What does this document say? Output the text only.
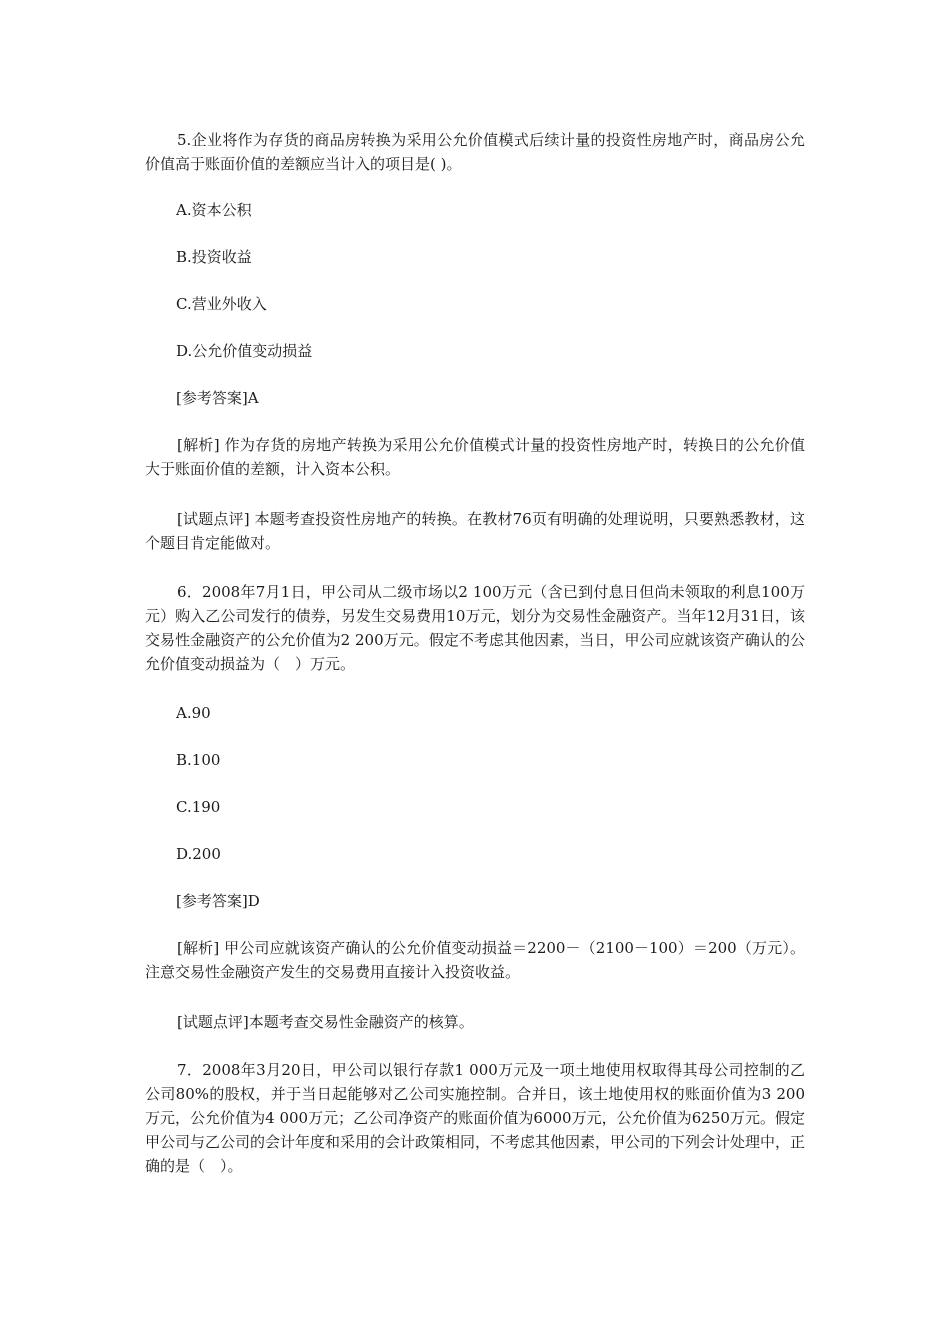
5.企业将作为存货的商品房转换为采用公允价值模式后续计量的投资性房地产时，商品房公允价值高于账面价值的差额应当计入的项目是( )。

A.资本公积

B.投资收益

C.营业外收入

D.公允价值变动损益

[参考答案]A

[解析] 作为存货的房地产转换为采用公允价值模式计量的投资性房地产时，转换日的公允价值大于账面价值的差额，计入资本公积。

[试题点评] 本题考查投资性房地产的转换。在教材76页有明确的处理说明，只要熟悉教材，这个题目肯定能做对。

6．2008年7月1日，甲公司从二级市场以2 100万元（含已到付息日但尚未领取的利息100万元）购入乙公司发行的债券，另发生交易费用10万元，划分为交易性金融资产。当年12月31日，该交易性金融资产的公允价值为2 200万元。假定不考虑其他因素，当日，甲公司应就该资产确认的公允价值变动损益为（　）万元。

A.90

B.100

C.190

D.200

[参考答案]D

[解析] 甲公司应就该资产确认的公允价值变动损益＝2200－（2100－100）＝200（万元）。注意交易性金融资产发生的交易费用直接计入投资收益。

[试题点评]本题考查交易性金融资产的核算。

7．2008年3月20日，甲公司以银行存款1 000万元及一项土地使用权取得其母公司控制的乙公司80%的股权，并于当日起能够对乙公司实施控制。合并日，该土地使用权的账面价值为3 200万元，公允价值为4 000万元；乙公司净资产的账面价值为6000万元，公允价值为6250万元。假定甲公司与乙公司的会计年度和采用的会计政策相同，不考虑其他因素，甲公司的下列会计处理中，正确的是（　）。
